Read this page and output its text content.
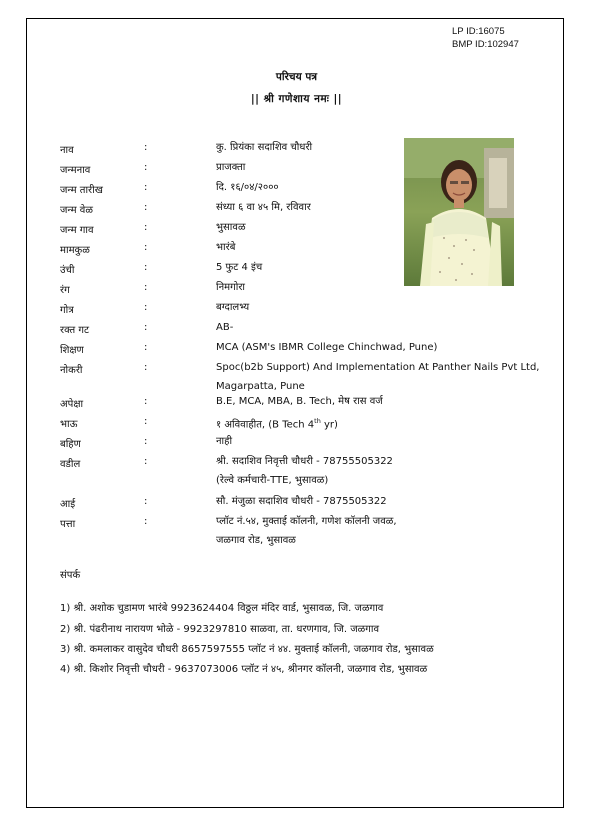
LP ID:16075
BMP ID:102947
परिचय पत्र
|| श्री गणेशाय नमः ||
नाव	:	कु. प्रियंका सदाशिव चौधरी
जन्मनाव	:	प्राजक्ता
जन्म तारीख	:	दि. १६/०४/२०००
जन्म वेळ	:	संध्या ६ वा ४५ मि, रविवार
जन्म गाव	:	भुसावळ
मामकुळ	:	भारंबे
उंची	:	5 फुट 4 इंच
रंग	:	निमगोरा
गोत्र	:	बग्दालभ्य
रक्त गट	:	AB-
शिक्षण	:	MCA (ASM's IBMR College Chinchwad, Pune)
नोकरी	:	Spoc(b2b Support) And Implementation At Panther Nails Pvt Ltd,
Magarpatta, Pune
अपेक्षा	:	B.E, MCA, MBA, B. Tech, मेष रास वर्ज
भाऊ	:	१ अविवाहीत, (B Tech 4th yr)
बहिण	:	नाही
वडील	:	श्री. सदाशिव निवृत्ती चौधरी - 78755505322
(रेल्वे कर्मचारी-TTE, भुसावळ)
आई	:	सौ. मंजुळा सदाशिव चौधरी - 7875505322
पत्ता	:	प्लॉट नं.५४, मुक्ताई कॉलनी, गणेश कॉलनी जवळ,
जळगाव रोड, भुसावळ
संपर्क
1) श्री. अशोक चुडामण भारंबे 9923624404 विठ्ठल मंदिर वार्ड, भुसावळ, जि. जळगाव
2) श्री. पंढरीनाथ नारायण भोळे - 9923297810 साळवा, ता. धरणगाव, जि. जळगाव
3) श्री. कमलाकर वासुदेव चौधरी 8657597555 प्लॉट नं ४४. मुक्ताई कॉलनी, जळगाव रोड, भुसावळ
4) श्री. किशोर निवृत्ती चौधरी - 9637073006 प्लॉट नं ४५, श्रीनगर कॉलनी, जळगाव रोड, भुसावळ
